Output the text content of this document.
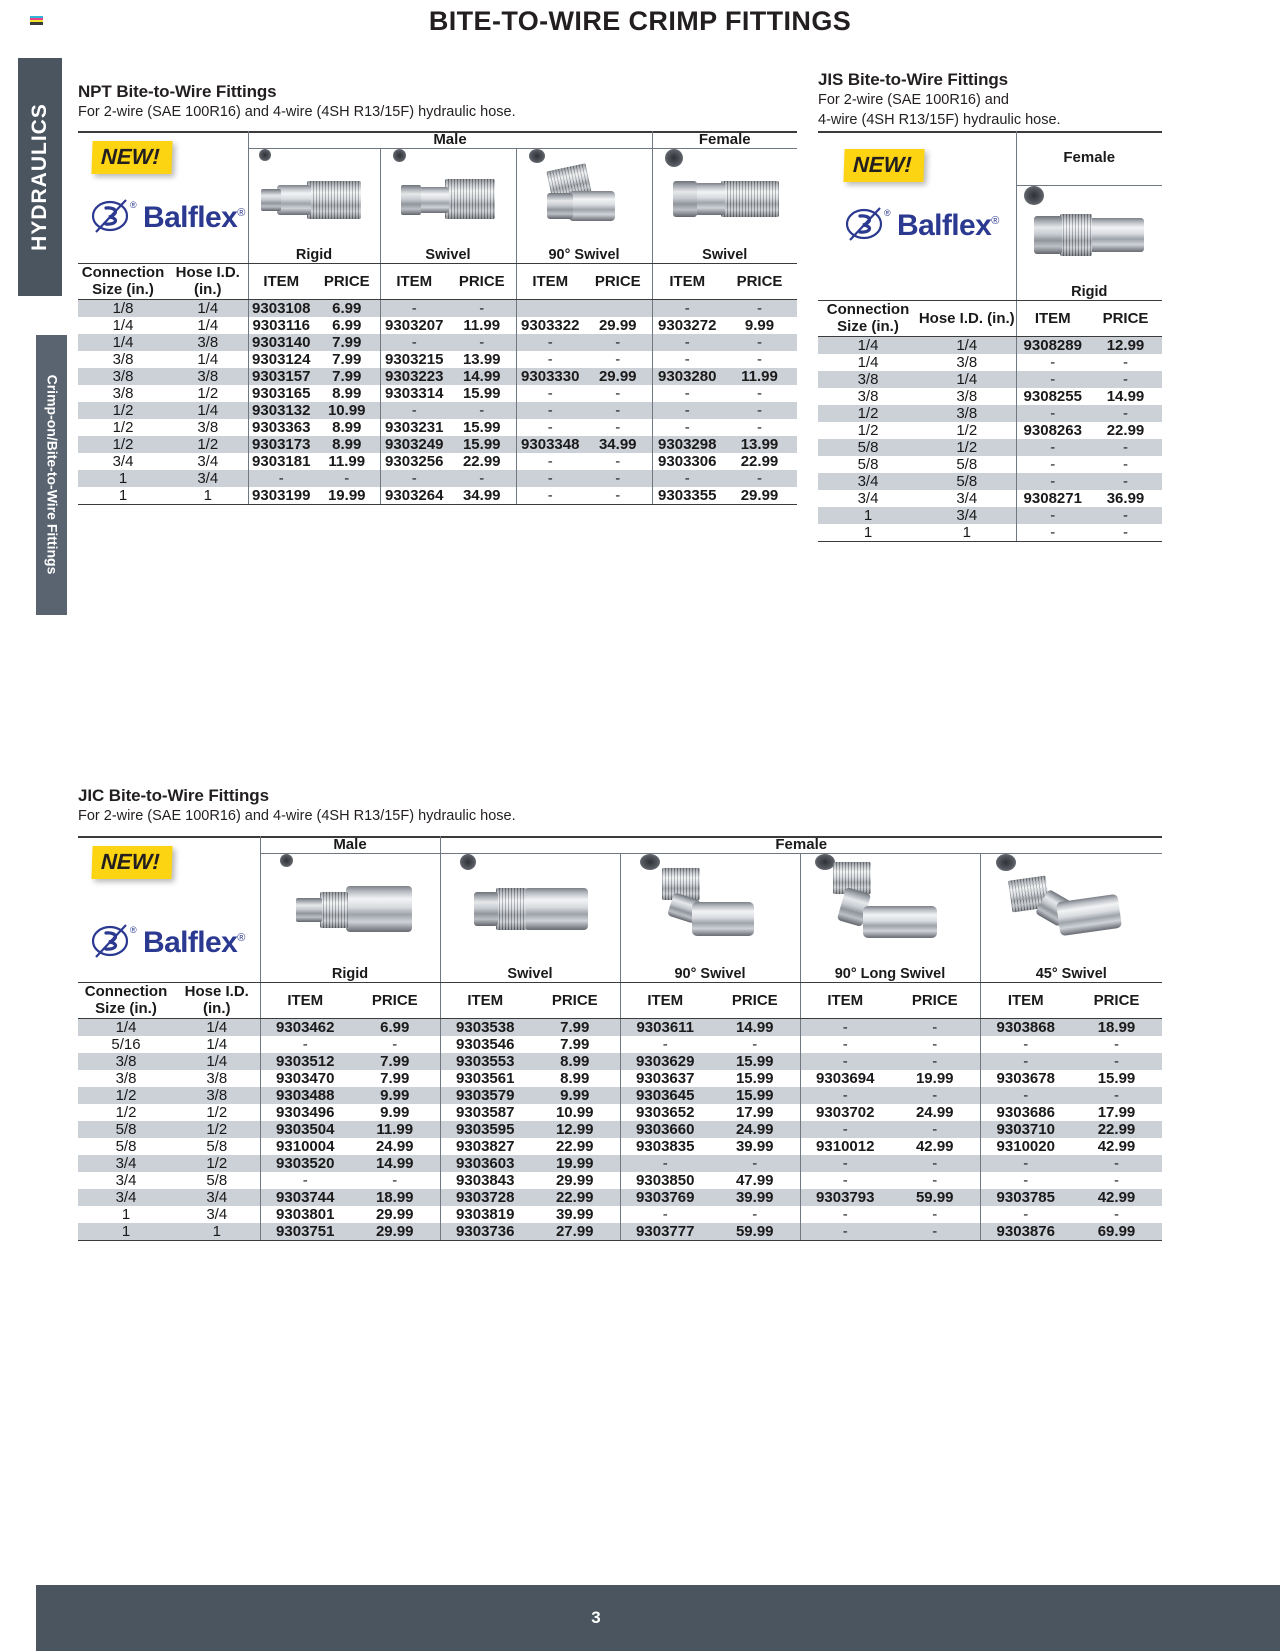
BITE-TO-WIRE CRIMP FITTINGS
HYDRAULICS
Crimp-on/Bite-to-Wire Fittings
NPT Bite-to-Wire Fittings
For 2-wire (SAE 100R16) and 4-wire (4SH R13/15F) hydraulic hose.
NEW!
® Balflex®		Male						Female	

		Rigid		Swivel		90° Swivel		Swivel	

Connection Size (in.)	Hose I.D. (in.)	ITEM	PRICE	ITEM	PRICE	ITEM	PRICE	ITEM	PRICE
1/8	1/4	9303108	6.99	-	-			-	-
1/4	1/4	9303116	6.99	9303207	11.99	9303322	29.99	9303272	9.99
1/4	3/8	9303140	7.99	-	-	-	-	-	-
3/8	1/4	9303124	7.99	9303215	13.99	-	-	-	-
3/8	3/8	9303157	7.99	9303223	14.99	9303330	29.99	9303280	11.99
3/8	1/2	9303165	8.99	9303314	15.99	-	-	-	-
1/2	1/4	9303132	10.99	-	-	-	-	-	-
1/2	3/8	9303363	8.99	9303231	15.99	-	-	-	-
1/2	1/2	9303173	8.99	9303249	15.99	9303348	34.99	9303298	13.99
3/4	3/4	9303181	11.99	9303256	22.99	-	-	9303306	22.99
1	3/4	-	-	-	-	-	-	-	-
1	1	9303199	19.99	9303264	34.99	-	-	9303355	29.99
JIS Bite-to-Wire Fittings
For 2-wire (SAE 100R16) and
4-wire (4SH R13/15F) hydraulic hose.
NEW!
® Balflex®		Female	

		Rigid	

Connection Size (in.)	Hose I.D. (in.)	ITEM	PRICE
1/4	1/4	9308289	12.99
1/4	3/8	-	-
3/8	1/4	-	-
3/8	3/8	9308255	14.99
1/2	3/8	-	-
1/2	1/2	9308263	22.99
5/8	1/2	-	-
5/8	5/8	-	-
3/4	5/8	-	-
3/4	3/4	9308271	36.99
1	3/4	-	-
1	1	-	-
JIC Bite-to-Wire Fittings
For 2-wire (SAE 100R16) and 4-wire (4SH R13/15F) hydraulic hose.
NEW!
® Balflex®		Male		Female							

		Rigid		Swivel		90° Swivel		90° Long Swivel		45° Swivel	

Connection Size (in.)	Hose I.D. (in.)	ITEM	PRICE	ITEM	PRICE	ITEM	PRICE	ITEM	PRICE	ITEM	PRICE
1/4	1/4	9303462	6.99	9303538	7.99	9303611	14.99	-	-	9303868	18.99
5/16	1/4	-	-	9303546	7.99	-	-	-	-	-	-
3/8	1/4	9303512	7.99	9303553	8.99	9303629	15.99	-	-	-	-
3/8	3/8	9303470	7.99	9303561	8.99	9303637	15.99	9303694	19.99	9303678	15.99
1/2	3/8	9303488	9.99	9303579	9.99	9303645	15.99	-	-	-	-
1/2	1/2	9303496	9.99	9303587	10.99	9303652	17.99	9303702	24.99	9303686	17.99
5/8	1/2	9303504	11.99	9303595	12.99	9303660	24.99	-	-	9303710	22.99
5/8	5/8	9310004	24.99	9303827	22.99	9303835	39.99	9310012	42.99	9310020	42.99
3/4	1/2	9303520	14.99	9303603	19.99	-	-	-	-	-	-
3/4	5/8	-	-	9303843	29.99	9303850	47.99	-	-	-	-
3/4	3/4	9303744	18.99	9303728	22.99	9303769	39.99	9303793	59.99	9303785	42.99
1	3/4	9303801	29.99	9303819	39.99	-	-	-	-	-	-
1	1	9303751	29.99	9303736	27.99	9303777	59.99	-	-	9303876	69.99
3
